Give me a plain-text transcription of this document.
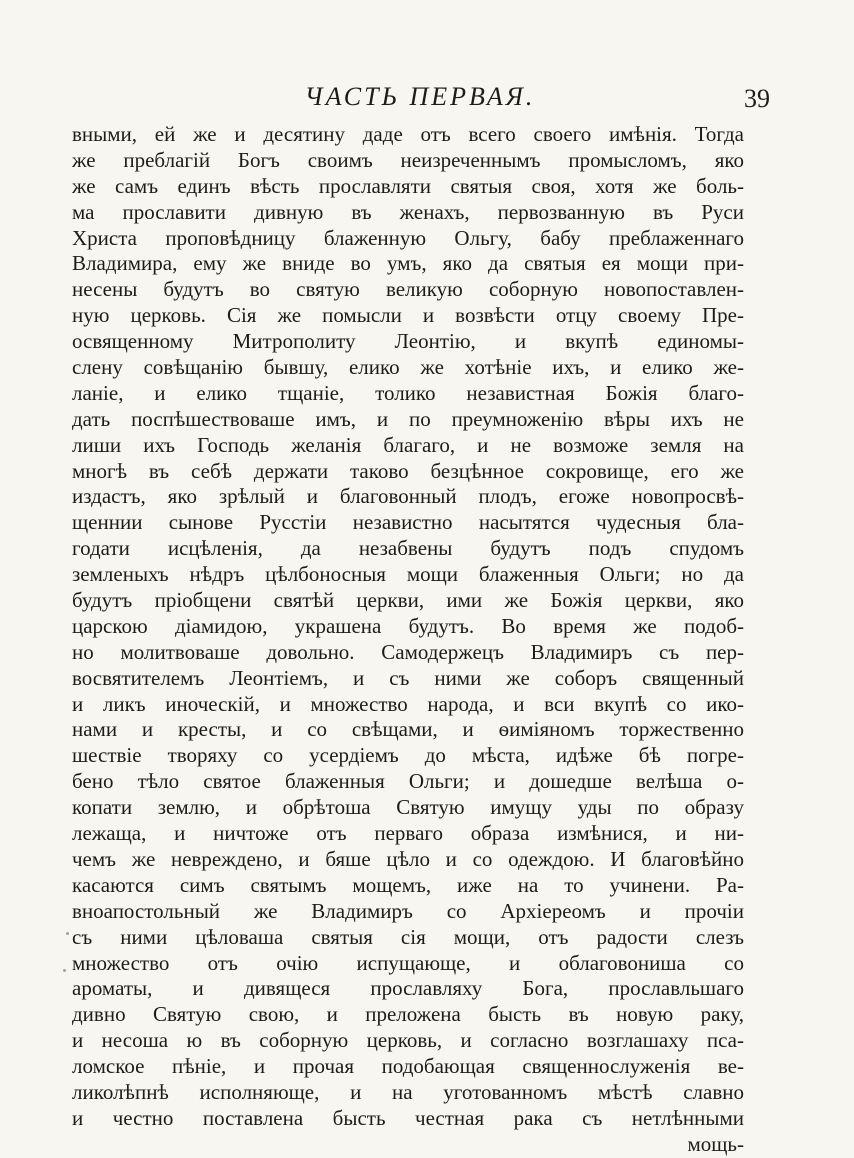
ЧАСТЬ ПЕРВАЯ.	39
вными, ей же и десятину даде отъ всего своего имѣнія. Тогда
же преблагій Богъ своимъ неизреченнымъ промысломъ, яко
же самъ единъ вѣсть прославляти святыя своя, хотя же боль-
ма прославити дивную въ женахъ, первозванную въ Руси
Христа проповѣдницу блаженную Ольгу, бабу преблаженнаго
Владимира, ему же вниде во умъ, яко да святыя ея мощи при-
несены будутъ во святую великую соборную новопоставлен-
ную церковь. Сія же помысли и возвѣсти отцу своему Пре-
освященному Митрополиту Леонтію, и вкупѣ единомы-
слену совѣщанію бывшу, елико же хотѣніе ихъ, и елико же-
ланіе, и елико тщаніе, толико независтная Божія благо-
дать поспѣшествоваше имъ, и по преумноженію вѣры ихъ не
лиши ихъ Господь желанія благаго, и не возможе земля на
многѣ въ себѣ держати таково безцѣнное сокровище, его же
издастъ, яко зрѣлый и благовонный плодъ, егоже новопросвѣ-
щеннии сынове Русстіи независтно насытятся чудесныя бла-
годати исцѣленія, да незабвены будутъ подъ спудомъ
земленыхъ нѣдръ цѣлбоносныя мощи блаженныя Ольги; но да
будутъ пріобщени святѣй церкви, ими же Божія церкви, яко
царскою діамидою, украшена будутъ. Во время же подоб-
но молитвоваше довольно. Самодержецъ Владимиръ съ пер-
восвятителемъ Леонтіемъ, и съ ними же соборъ священный
и ликъ иноческій, и множество народа, и вси вкупѣ со ико-
нами и кресты, и со свѣщами, и ѳиміяномъ торжественно
шествіе творяху со усердіемъ до мѣста, идѣже бѣ погре-
бено тѣло святое блаженныя Ольги; и дошедше велѣша о-
копати землю, и обрѣтоша Святую имущу уды по образу
лежаща, и ничтоже отъ перваго образа измѣнися, и ни-
чемъ же невреждено, и бяше цѣло и со одеждою. И благовѣйно
касаются симъ святымъ мощемъ, иже на то учинени. Ра-
вноапостольный же Владимиръ со Архіереомъ и прочіи
съ ними цѣловаша святыя сія мощи, отъ радости слезъ
множество отъ очію испущающе, и облаговониша со
ароматы, и дивящеся прославляху Бога, прославльшаго
дивно Святую свою, и преложена бысть въ новую раку,
и несоша ю въ соборную церковь, и согласно возглашаху пса-
ломское пѣніе, и прочая подобающая священнослуженія ве-
ликолѣпнѣ исполняюще, и на уготованномъ мѣстѣ славно
и честно поставлена бысть честная рака съ нетлѣнными
мощь-
